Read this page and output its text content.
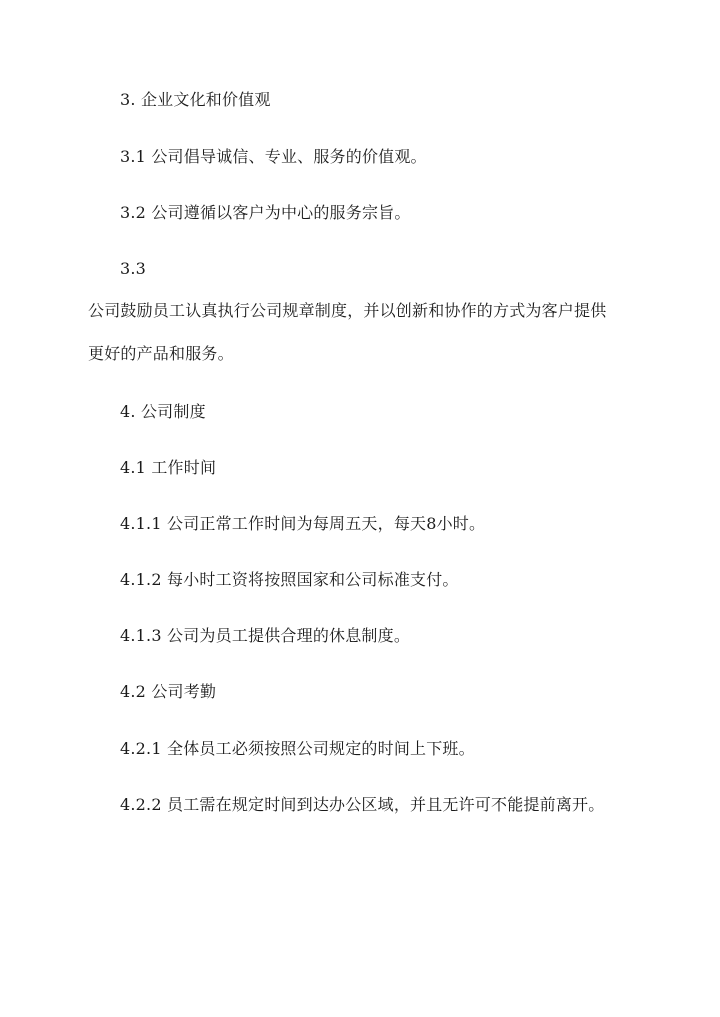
3. 企业文化和价值观
3.1 公司倡导诚信、专业、服务的价值观。
3.2 公司遵循以客户为中心的服务宗旨。
3.3
公司鼓励员工认真执行公司规章制度，并以创新和协作的方式为客户提供
更好的产品和服务。
4. 公司制度
4.1 工作时间
4.1.1 公司正常工作时间为每周五天，每天8小时。
4.1.2 每小时工资将按照国家和公司标准支付。
4.1.3 公司为员工提供合理的休息制度。
4.2 公司考勤
4.2.1 全体员工必须按照公司规定的时间上下班。
4.2.2 员工需在规定时间到达办公区域，并且无许可不能提前离开。
